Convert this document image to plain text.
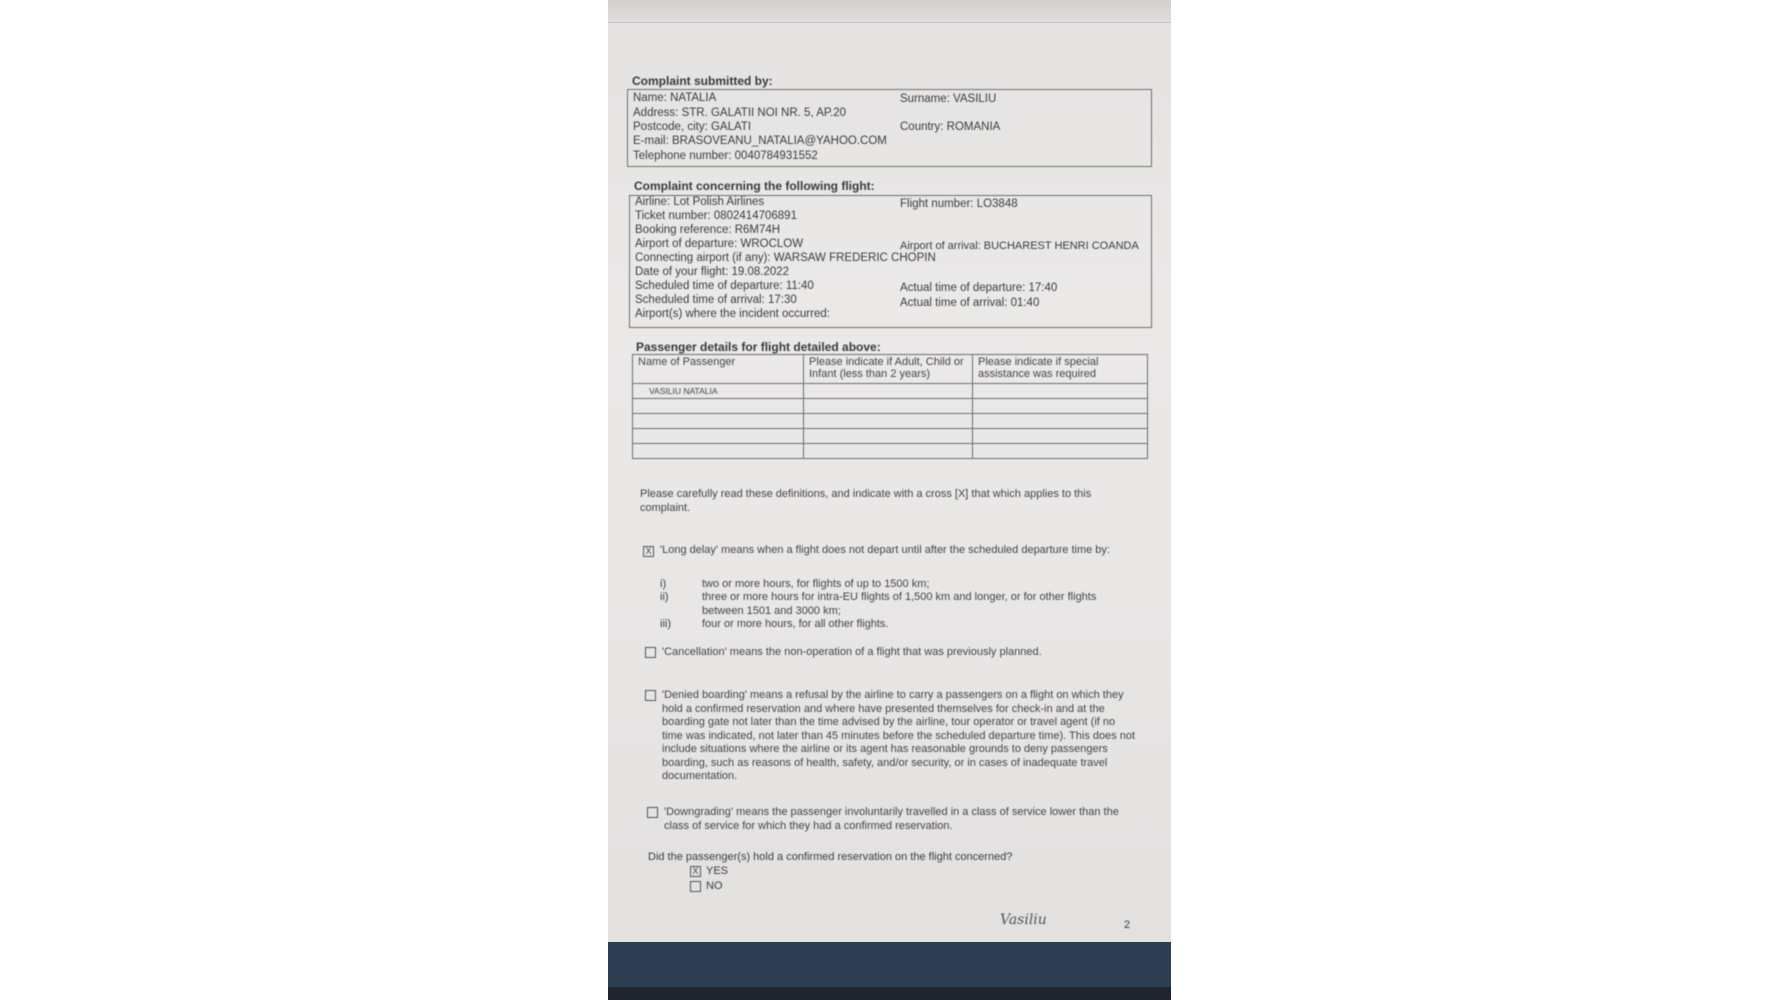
Complaint submitted by:
Name: NATALIA	Surname: VASILIU
Address: STR. GALATII NOI NR. 5, AP.20
Postcode, city: GALATI	Country: ROMANIA
E-mail: BRASOVEANU_NATALIA@YAHOO.COM
Telephone number: 0040784931552
Complaint concerning the following flight:
Airline: Lot Polish Airlines	Flight number: LO3848
Ticket number: 0802414706891
Booking reference: R6M74H
Airport of departure: WROCLOW	Airport of arrival: BUCHAREST HENRI COANDA
Connecting airport (if any): WARSAW FREDERIC CHOPIN
Date of your flight: 19.08.2022
Scheduled time of departure: 11:40	Actual time of departure: 17:40
Scheduled time of arrival: 17:30	Actual time of arrival: 01:40
Airport(s) where the incident occurred:
Passenger details for flight detailed above:
Name of Passenger	Please indicate if Adult, Child or Infant (less than 2 years)	Please indicate if special assistance was required
VASILIU NATALIA		

Please carefully read these definitions, and indicate with a cross [X] that which applies to this complaint.
X 'Long delay' means when a flight does not depart until after the scheduled departure time by:
i)	two or more hours, for flights of up to 1500 km;
ii)	three or more hours for intra-EU flights of 1,500 km and longer, or for other flights between 1501 and 3000 km;
iii)	four or more hours, for all other flights.
'Cancellation' means the non-operation of a flight that was previously planned.
'Denied boarding' means a refusal by the airline to carry a passengers on a flight on which they hold a confirmed reservation and where have presented themselves for check-in and at the boarding gate not later than the time advised by the airline, tour operator or travel agent (if no time was indicated, not later than 45 minutes before the scheduled departure time). This does not include situations where the airline or its agent has reasonable grounds to deny passengers boarding, such as reasons of health, safety, and/or security, or in cases of inadequate travel documentation.
'Downgrading' means the passenger involuntarily travelled in a class of service lower than the class of service for which they had a confirmed reservation.
Did the passenger(s) hold a confirmed reservation on the flight concerned?
X YES
NO
Vasiliu	2
